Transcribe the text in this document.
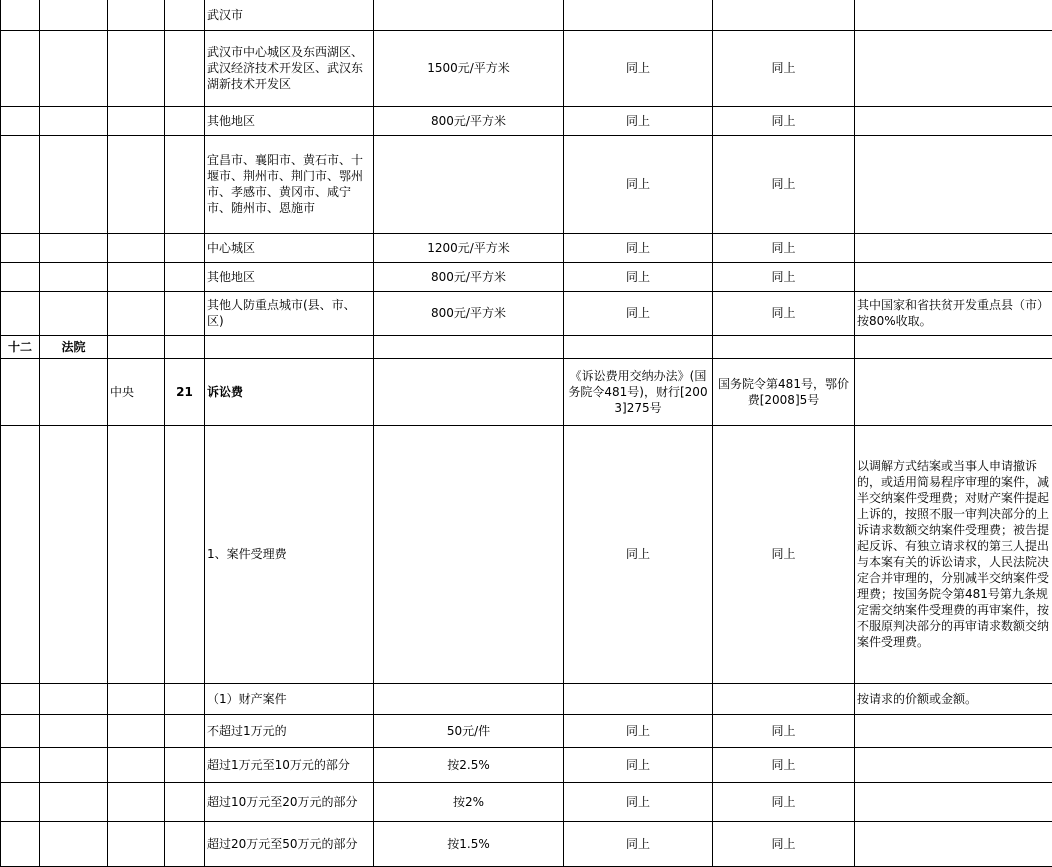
				武汉市				
				武汉市中心城区及东西湖区、武汉经济技术开发区、武汉东湖新技术开发区	1500元/平方米	同上	同上	
				其他地区	800元/平方米	同上	同上	
				宜昌市、襄阳市、黄石市、十堰市、荆州市、荆门市、鄂州市、孝感市、黄冈市、咸宁市、随州市、恩施市		同上	同上	
				中心城区	1200元/平方米	同上	同上	
				其他地区	800元/平方米	同上	同上	
				其他人防重点城市(县、市、区)	800元/平方米	同上	同上	其中国家和省扶贫开发重点县（市）按80%收取。
十二	法院							
		中央	21	诉讼费		《诉讼费用交纳办法》(国务院令481号)，财行[2003]275号	国务院令第481号，鄂价费[2008]5号	
				1、案件受理费		同上	同上	以调解方式结案或当事人申请撤诉的，或适用简易程序审理的案件，减半交纳案件受理费；对财产案件提起上诉的，按照不服一审判决部分的上诉请求数额交纳案件受理费；被告提起反诉、有独立请求权的第三人提出与本案有关的诉讼请求，人民法院决定合并审理的，分别减半交纳案件受理费；按国务院令第481号第九条规定需交纳案件受理费的再审案件，按不服原判决部分的再审请求数额交纳案件受理费。
				（1）财产案件				按请求的价额或金额。
				不超过1万元的	50元/件	同上	同上	
				超过1万元至10万元的部分	按2.5%	同上	同上	
				超过10万元至20万元的部分	按2%	同上	同上	
				超过20万元至50万元的部分	按1.5%	同上	同上	
